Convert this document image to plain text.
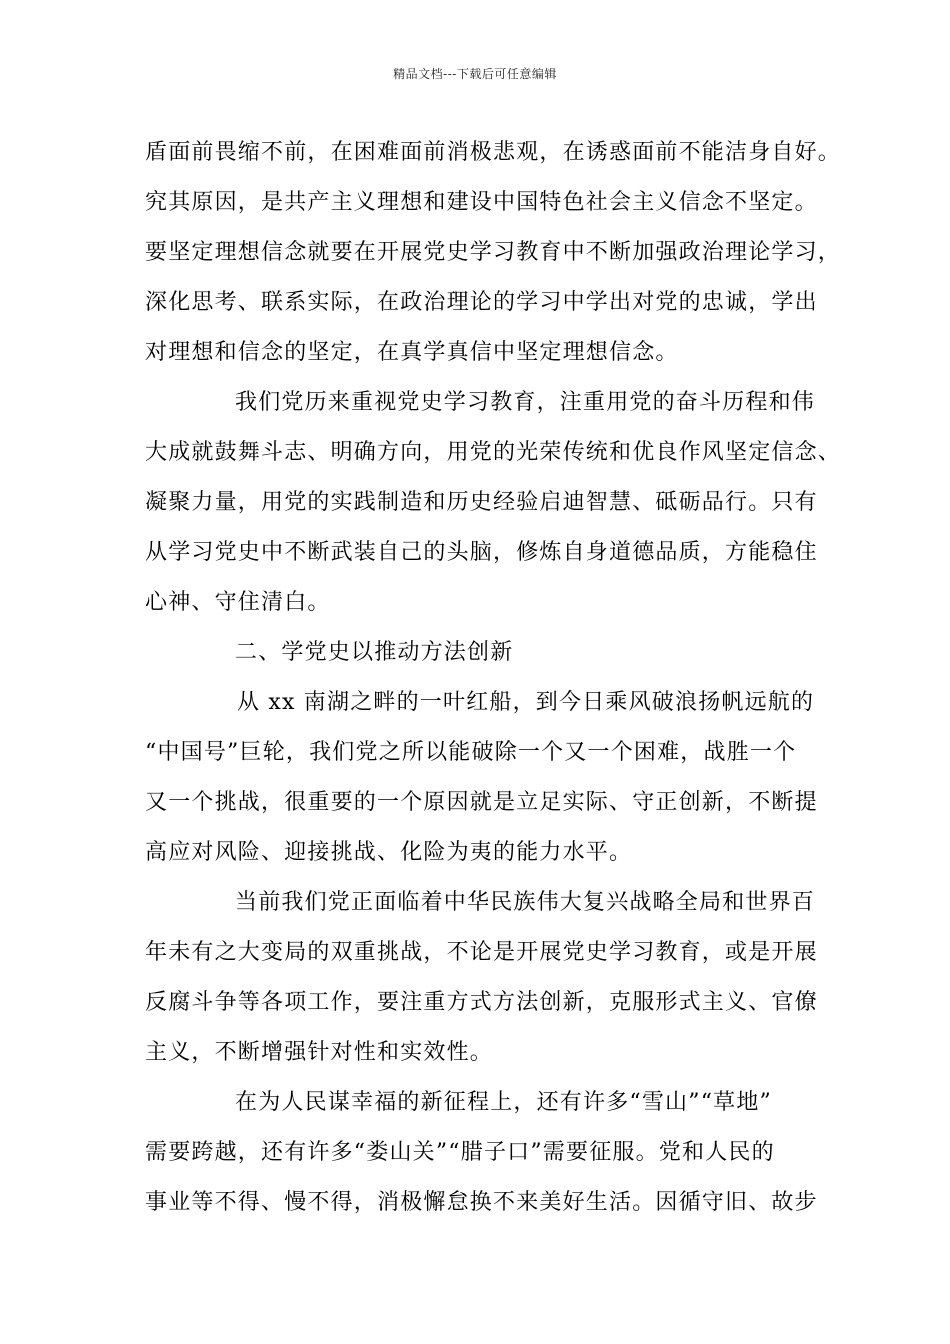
精品文档---下载后可任意编辑
盾面前畏缩不前，在困难面前消极悲观，在诱惑面前不能洁身自好。
究其原因，是共产主义理想和建设中国特色社会主义信念不坚定。
要坚定理想信念就要在开展党史学习教育中不断加强政治理论学习，
深化思考、联系实际，在政治理论的学习中学出对党的忠诚，学出
对理想和信念的坚定，在真学真信中坚定理想信念。
我们党历来重视党史学习教育，注重用党的奋斗历程和伟
大成就鼓舞斗志、明确方向，用党的光荣传统和优良作风坚定信念、
凝聚力量，用党的实践制造和历史经验启迪智慧、砥砺品行。只有
从学习党史中不断武装自己的头脑，修炼自身道德品质，方能稳住
心神、守住清白。
二、学党史以推动方法创新
从 xx 南湖之畔的一叶红船，到今日乘风破浪扬帆远航的
“中国号”巨轮，我们党之所以能破除一个又一个困难，战胜一个
又一个挑战，很重要的一个原因就是立足实际、守正创新，不断提
高应对风险、迎接挑战、化险为夷的能力水平。
当前我们党正面临着中华民族伟大复兴战略全局和世界百
年未有之大变局的双重挑战，不论是开展党史学习教育，或是开展
反腐斗争等各项工作，要注重方式方法创新，克服形式主义、官僚
主义，不断增强针对性和实效性。
在为人民谋幸福的新征程上，还有许多“雪山”“草地”
需要跨越，还有许多“娄山关”“腊子口”需要征服。党和人民的
事业等不得、慢不得，消极懈怠换不来美好生活。因循守旧、故步
